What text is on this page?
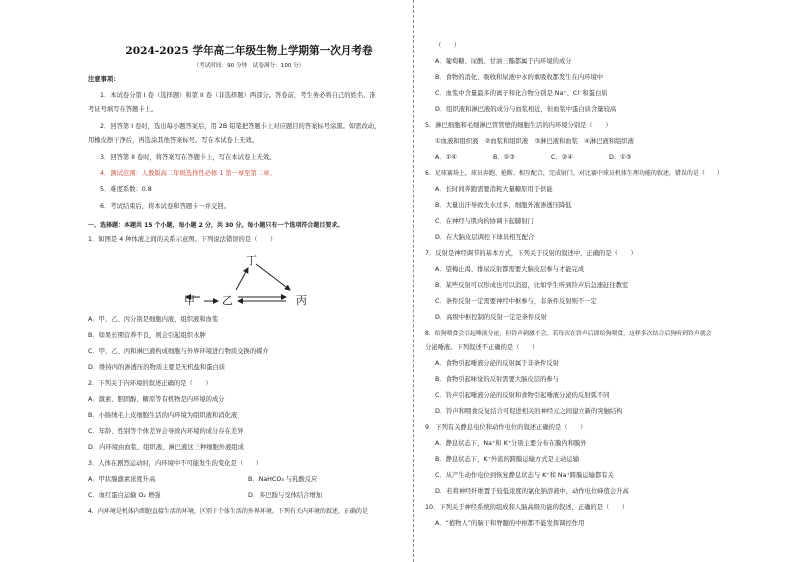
2024-2025 学年高二年级生物上学期第一次月考卷
（考试时间：90 分钟　试卷满分：100 分）
注意事项：
1．本试卷分第 I 卷（选择题）和第 II 卷（非选择题）两部分。答卷前，考生务必将自己的姓名、准
考证号填写在答题卡上。
2．回答第 I 卷时，选出每小题答案后，用 2B 铅笔把答题卡上对应题目的答案标号涂黑。如需改动，
用橡皮擦干净后，再选涂其他答案标号。写在本试卷上无效。
3．回答第 II 卷时，将答案写在答题卡上，写在本试卷上无效。
4．测试范围：人教版高二年级选择性必修 1 第一章至第二章。
5．难度系数：0.8
6．考试结束后，将本试卷和答题卡一并交回。
一、选择题：本题共 15 个小题，每小题 2 分，共 30 分。每小题只有一个选项符合题目要求。
1．如图是 4 种体液之间的关系示意图。下列说法错误的是（　　）
丁
甲 乙	丙
A．甲、乙、丙分别是细胞内液、组织液和血浆
B．如果长期营养不良，则会引起组织水肿
C．甲、乙、丙和淋巴液构成细胞与外界环境进行物质交换的媒介
D．维持丙的渗透压的物质主要是无机盐和蛋白质
2．下列关于内环境的叙述正确的是（　　）
A．激素、胆固醇、糖原等有机物是内环境的成分
B．小肠绒毛上皮细胞生活的内环境为组织液和消化液
C．年龄、性别等个体差异会导致内环境的成分存在差异
D．内环境由血浆、组织液、淋巴液这三种细胞外液组成
3．人体在剧烈运动时，内环境中不可能发生的变化是（　　）
A．甲状腺激素浓度升高	B．NaHCO₃ 与乳酸反应
C．血红蛋白运输 O₂ 增强	D．多巴胺与受体结合增加
4．内环境是机体内细胞直接生活的环境，区别于个体生活的外界环境。下列有关内环境的叙述，正确的是
（　　）
A．葡萄糖、尿酸、甘油三酯都属于内环境的成分
B．食物的消化、吸收和尿液中水的重吸收都发生在内环境中
C．血浆中含量最多的离子和化合物分别是 Na⁺、Cl⁻和蛋白质
D．组织液和淋巴液的成分与血浆相近，但血浆中蛋白质含量较高
5．淋巴细胞和毛细淋巴管管壁的细胞生活的内环境分别是（　　）
①血液和组织液　②血浆和组织液　③淋巴液和血浆　④淋巴液和组织液
A．①④	B．②③	C．②④	D．①③
6．足球赛场上，球员奔跑、抢断、相互配合，完成射门。对比赛中球员机体生理功能的叙述，错误的是（　　）
A．长时间奔跑需要消耗大量糖原用于供能
B．大量出汗导致失水过多，细胞外液渗透压降低
C．在神经与肌肉的协调下起脚射门
D．在大脑皮层调控下球员相互配合
7．反射是神经调节的基本方式，下列关于反射的叙述中，正确的是（　　）
A．望梅止渴、排尿反射都需要大脑皮层参与才能完成
B．某些反射可以形成也可以消退，比如学生听到铃声后急速赶往教室
C．条件反射一定需要神经中枢参与，非条件反射则不一定
D．高级中枢控制的反射一定是条件反射
8．给狗喂食会引起唾液分泌，但铃声刺激不会。若每次在铃声后即给狗喂食，这样多次结合后狗听到铃声就会
分泌唾液。下列叙述不正确的是（　　）
A．食物引起唾液分泌的反射属于非条件反射
B．食物引起味觉的反射需要大脑皮层的参与
C．铃声引起唾液分泌的反射和食物引起唾液分泌的反射弧不同
D．铃声和喂食反复结合可促进相关的神经元之间建立新的突触结构
9．下列有关静息电位和动作电位的叙述正确的是（　　）
A．静息状态下，Na⁺和 K⁺分别主要分布在膜内和膜外
B．静息状态下，K⁺外流的跨膜运输方式是主动运输
C．从产生动作电位到恢复静息状态与 K⁺和 Na⁺跨膜运输都有关
D．若将神经纤维置于较低浓度的氯化钠溶液中，动作电位峰值会升高
10．下列关于神经系统的组成和人脑高级功能的叙述，正确的是（　　）
A．“植物人”的脑干和脊髓的中枢都不能发挥调控作用
